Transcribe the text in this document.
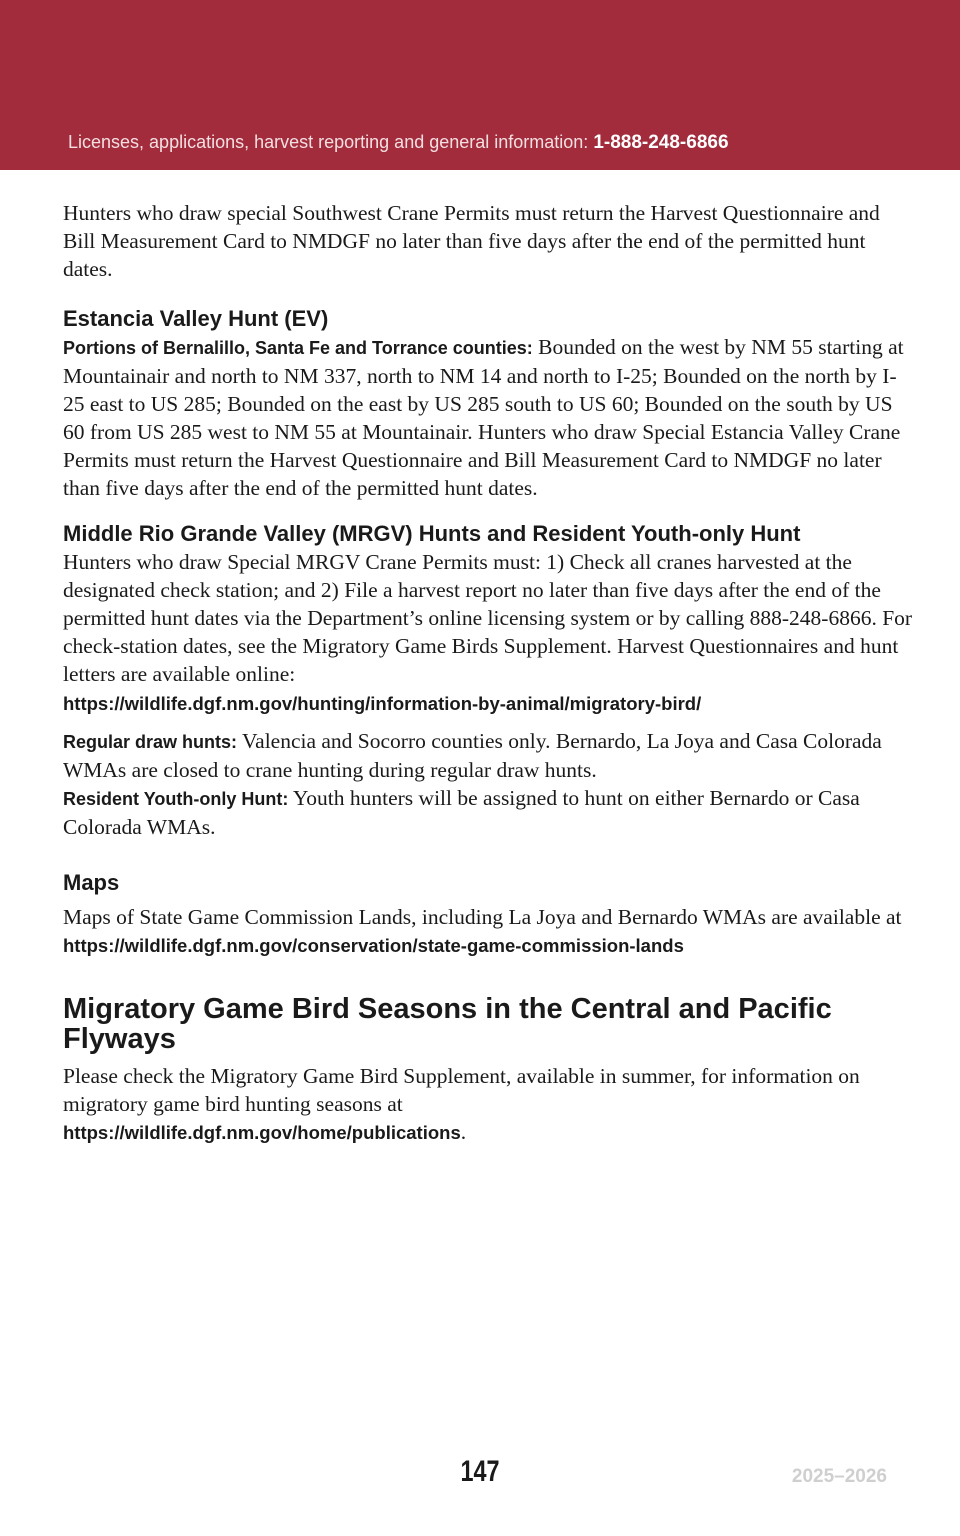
Licenses, applications, harvest reporting and general information: 1-888-248-6866

Hunters who draw special Southwest Crane Permits must return the Harvest Questionnaire and Bill Measurement Card to NMDGF no later than five days after the end of the permitted hunt dates.

Estancia Valley Hunt (EV)

Portions of Bernalillo, Santa Fe and Torrance counties: Bounded on the west by NM 55 starting at Mountainair and north to NM 337, north to NM 14 and north to I-25; Bounded on the north by I-25 east to US 285; Bounded on the east by US 285 south to US 60; Bounded on the south by US 60 from US 285 west to NM 55 at Mountainair. Hunters who draw Special Estancia Valley Crane Permits must return the Harvest Questionnaire and Bill Measurement Card to NMDGF no later than five days after the end of the permitted hunt dates.

Middle Rio Grande Valley (MRGV) Hunts and Resident Youth-only Hunt

Hunters who draw Special MRGV Crane Permits must: 1) Check all cranes harvested at the designated check station; and 2) File a harvest report no later than five days after the end of the permitted hunt dates via the Department’s online licensing system or by calling 888-248-6866. For check-station dates, see the Migratory Game Birds Supplement. Harvest Questionnaires and hunt letters are available online:

https://wildlife.dgf.nm.gov/hunting/information-by-animal/migratory-bird/

Regular draw hunts: Valencia and Socorro counties only. Bernardo, La Joya and Casa Colorada WMAs are closed to crane hunting during regular draw hunts.

Resident Youth-only Hunt: Youth hunters will be assigned to hunt on either Bernardo or Casa Colorada WMAs.

Maps

Maps of State Game Commission Lands, including La Joya and Bernardo WMAs are available at https://wildlife.dgf.nm.gov/conservation/state-game-commission-lands

Migratory Game Bird Seasons in the Central and Pacific Flyways

Please check the Migratory Game Bird Supplement, available in summer, for information on migratory game bird hunting seasons at

https://wildlife.dgf.nm.gov/home/publications.

147	2025–2026
